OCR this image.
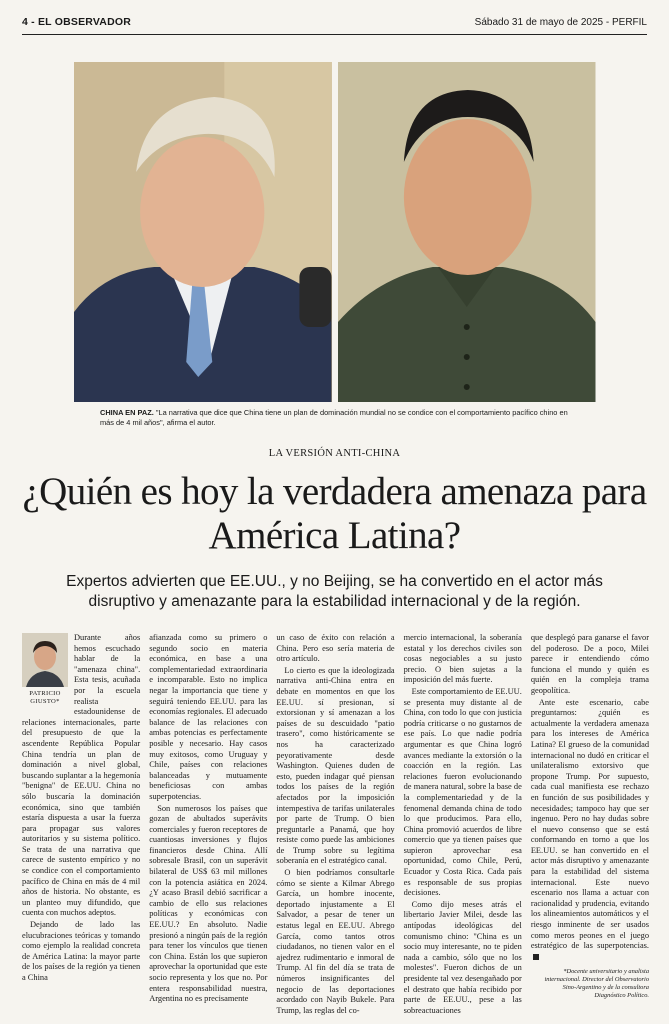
4 - EL OBSERVADOR	Sábado 31 de mayo de 2025 - PERFIL
CHINA EN PAZ. "La narrativa que dice que China tiene un plan de dominación mundial no se condice con el comportamiento pacífico chino en más de 4 mil años", afirma el autor.
LA VERSIÓN ANTI-CHINA
¿Quién es hoy la verdadera amenaza para América Latina?
Expertos advierten que EE.UU., y no Beijing, se ha convertido en el actor más disruptivo y amenazante para la estabilidad internacional y de la región.
PATRICIO
GIUSTO*

Durante años hemos escuchado hablar de la "amenaza china". Esta tesis, acuñada por la escuela realista estadounidense de relaciones internacionales, parte del presupuesto de que la ascendente República Popular China tendría un plan de dominación a nivel global, buscando suplantar a la hegemonía "benigna" de EE.UU. China no sólo buscaría la dominación económica, sino que también estaría dispuesta a usar la fuerza para propagar sus valores autoritarios y su sistema político. Se trata de una narrativa que carece de sustento empírico y no se condice con el comportamiento pacífico de China en más de 4 mil años de historia. No obstante, es un planteo muy difundido, que cuenta con muchos adeptos.

Dejando de lado las elucubraciones teóricas y tomando como ejemplo la realidad concreta de América Latina: la mayor parte de los países de la región ya tienen a China

afianzada como su primero o segundo socio en materia económica, en base a una complementariedad extraordinaria e incomparable. Esto no implica negar la importancia que tiene y seguirá teniendo EE.UU. para las economías regionales. El adecuado balance de las relaciones con ambas potencias es perfectamente posible y necesario. Hay casos muy exitosos, como Uruguay y Chile, países con relaciones balanceadas y mutuamente beneficiosas con ambas superpotencias.

Son numerosos los países que gozan de abultados superávits comerciales y fueron receptores de cuantiosas inversiones y flujos financieros desde China. Allí sobresale Brasil, con un superávit bilateral de US$ 63 mil millones con la potencia asiática en 2024. ¿Y acaso Brasil debió sacrificar a cambio de ello sus relaciones políticas y económicas con EE.UU.? En absoluto. Nadie presionó a ningún país de la región para tener los vínculos que tienen con China. Están los que supieron aprovechar la oportunidad que este socio representa y los que no. Por entera responsabilidad nuestra, Argentina no es precisamente

un caso de éxito con relación a China. Pero eso sería materia de otro artículo.

Lo cierto es que la ideologizada narrativa anti-China entra en debate en momentos en que los EE.UU. sí presionan, sí extorsionan y sí amenazan a los países de su descuidado "patio trasero", como históricamente se nos ha caracterizado peyorativamente desde Washington. Quienes duden de esto, pueden indagar qué piensan todos los países de la región afectados por la imposición intempestiva de tarifas unilaterales por parte de Trump. O bien preguntarle a Panamá, que hoy resiste como puede las ambiciones de Trump sobre su legítima soberanía en el estratégico canal.

O bien podríamos consultarle cómo se siente a Kilmar Abrego García, un hombre inocente, deportado injustamente a El Salvador, a pesar de tener un estatus legal en EE.UU. Abrego García, como tantos otros ciudadanos, no tienen valor en el ajedrez rudimentario e inmoral de Trump. Al fin del día se trata de números insignificantes del negocio de las deportaciones acordado con Nayib Bukele. Para Trump, las reglas del co-

mercio internacional, la soberanía estatal y los derechos civiles son cosas negociables a su justo precio. O bien sujetas a la imposición del más fuerte.

Este comportamiento de EE.UU. se presenta muy distante al de China, con todo lo que con justicia podría criticarse o no gustarnos de ese país. Lo que nadie podría argumentar es que China logró avances mediante la extorsión o la coacción en la región. Las relaciones fueron evolucionando de manera natural, sobre la base de la complementariedad y de la fenomenal demanda china de todo lo que producimos. Para ello, China promovió acuerdos de libre comercio que ya tienen países que supieron aprovechar esa oportunidad, como Chile, Perú, Ecuador y Costa Rica. Cada país es responsable de sus propias decisiones.

Como dijo meses atrás el libertario Javier Milei, desde las antípodas ideológicas del comunismo chino: "China es un socio muy interesante, no te piden nada a cambio, sólo que no los molestes". Fueron dichos de un presidente tal vez desengañado por el destrato que había recibido por parte de EE.UU., pese a las sobreactuaciones

que desplegó para ganarse el favor del poderoso. De a poco, Milei parece ir entendiendo cómo funciona el mundo y quién es quién en la compleja trama geopolítica.

Ante este escenario, cabe preguntarnos: ¿quién es actualmente la verdadera amenaza para los intereses de América Latina? El grueso de la comunidad internacional no dudó en criticar el unilateralismo extorsivo que propone Trump. Por supuesto, cada cual manifiesta ese rechazo en función de sus posibilidades y necesidades; tampoco hay que ser ingenuo. Pero no hay dudas sobre el nuevo consenso que se está conformando en torno a que los EE.UU. se han convertido en el actor más disruptivo y amenazante para la estabilidad del sistema internacional. Este nuevo escenario nos llama a actuar con racionalidad y prudencia, evitando los alineamientos automáticos y el riesgo inminente de ser usados como meros peones en el juego estratégico de las superpotencias.

*Docente universitario y analista internacional. Director del Observatorio Sino-Argentino y de la consultora Diagnóstico Político.
